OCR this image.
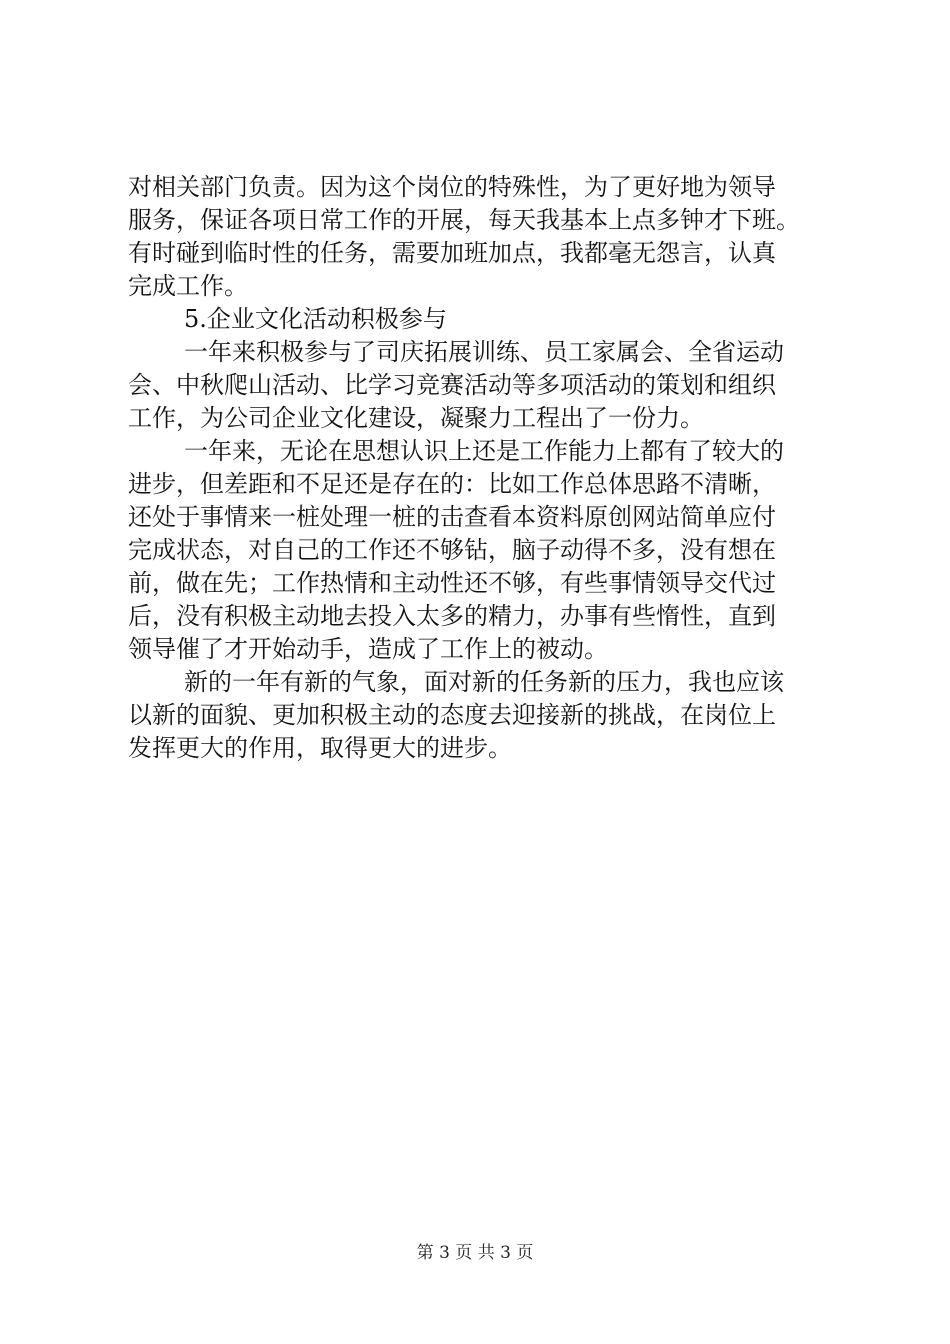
对相关部门负责。因为这个岗位的特殊性，为了更好地为领导
服务，保证各项日常工作的开展，每天我基本上点多钟才下班。
有时碰到临时性的任务，需要加班加点，我都毫无怨言，认真
完成工作。
5.企业文化活动积极参与
一年来积极参与了司庆拓展训练、员工家属会、全省运动
会、中秋爬山活动、比学习竞赛活动等多项活动的策划和组织
工作，为公司企业文化建设，凝聚力工程出了一份力。
一年来，无论在思想认识上还是工作能力上都有了较大的
进步，但差距和不足还是存在的：比如工作总体思路不清晰，
还处于事情来一桩处理一桩的击查看本资料原创网站简单应付
完成状态，对自己的工作还不够钻，脑子动得不多，没有想在
前，做在先；工作热情和主动性还不够，有些事情领导交代过
后，没有积极主动地去投入太多的精力，办事有些惰性，直到
领导催了才开始动手，造成了工作上的被动。
新的一年有新的气象，面对新的任务新的压力，我也应该
以新的面貌、更加积极主动的态度去迎接新的挑战，在岗位上
发挥更大的作用，取得更大的进步。
第 3 页 共 3 页
